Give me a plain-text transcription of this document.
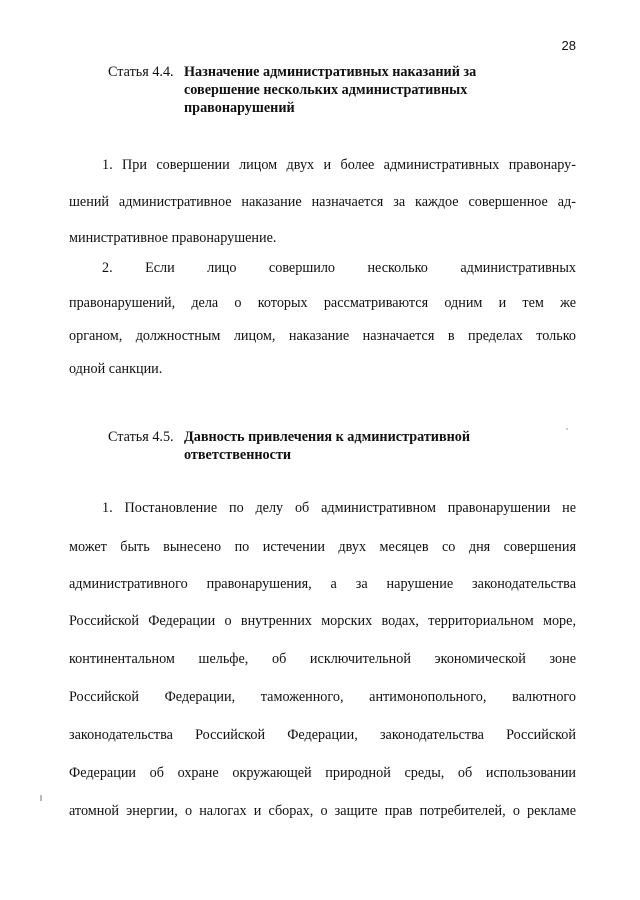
28
Статья 4.4. Назначение административных наказаний за
совершение нескольких административных
правонарушений
1. При совершении лицом двух и более административных правонару-
шений административное наказание назначается за каждое совершенное ад-
министративное правонарушение.
2. Если лицо совершило несколько административных
правонарушений, дела о которых рассматриваются одним и тем же
органом, должностным лицом, наказание назначается в пределах только
одной санкции.
Статья 4.5. Давность привлечения к административной
ответственности
1. Постановление по делу об административном правонарушении не
может быть вынесено по истечении двух месяцев со дня совершения
административного правонарушения, а за нарушение законодательства
Российской Федерации о внутренних морских водах, территориальном море,
континентальном шельфе, об исключительной экономической зоне
Российской Федерации, таможенного, антимонопольного, валютного
законодательства Российской Федерации, законодательства Российской
Федерации об охране окружающей природной среды, об использовании
атомной энергии, о налогах и сборах, о защите прав потребителей, о рекламе
